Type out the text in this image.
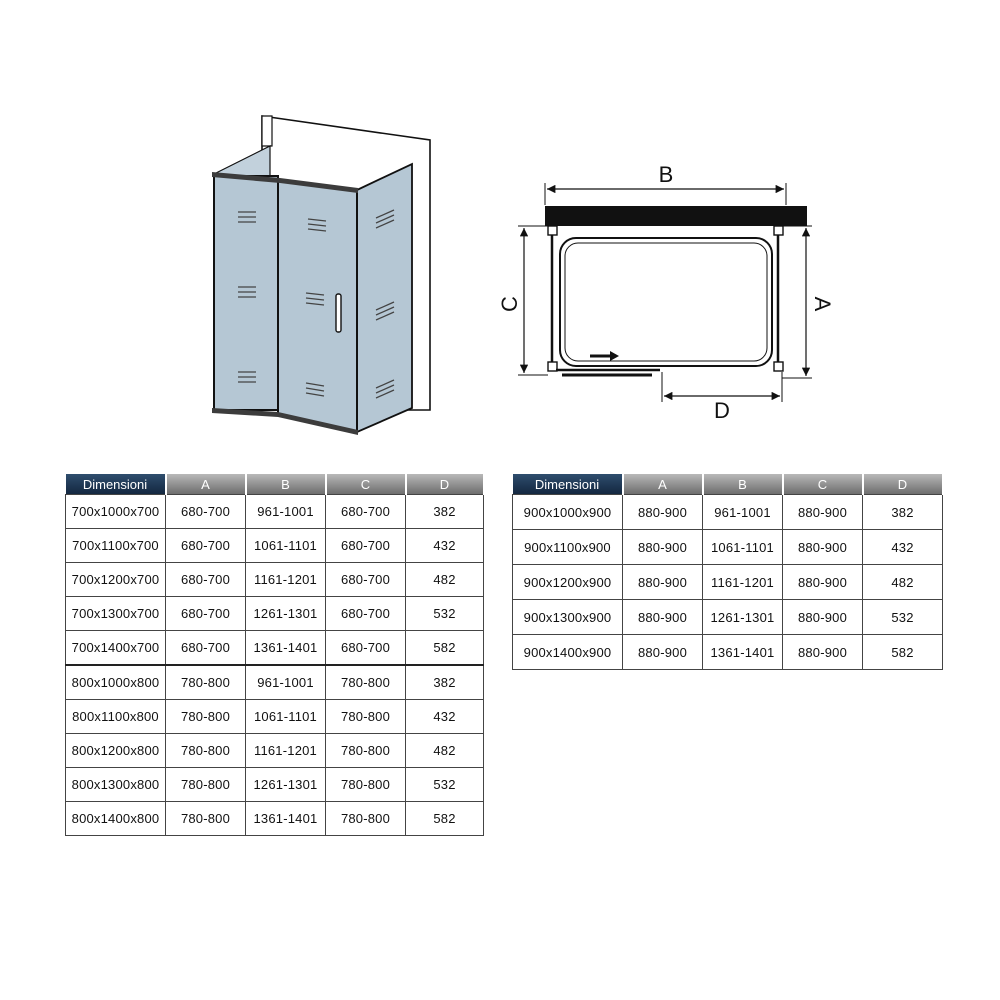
B
C	A
D
Dimensioni	A	B	C	D
700x1000x700	680-700	961-1001	680-700	382
700x1100x700	680-700	1061-1101	680-700	432
700x1200x700	680-700	1161-1201	680-700	482
700x1300x700	680-700	1261-1301	680-700	532
700x1400x700	680-700	1361-1401	680-700	582
800x1000x800	780-800	961-1001	780-800	382
800x1100x800	780-800	1061-1101	780-800	432
800x1200x800	780-800	1161-1201	780-800	482
800x1300x800	780-800	1261-1301	780-800	532
800x1400x800	780-800	1361-1401	780-800	582
Dimensioni	A	B	C	D
900x1000x900	880-900	961-1001	880-900	382
900x1100x900	880-900	1061-1101	880-900	432
900x1200x900	880-900	1161-1201	880-900	482
900x1300x900	880-900	1261-1301	880-900	532
900x1400x900	880-900	1361-1401	880-900	582
